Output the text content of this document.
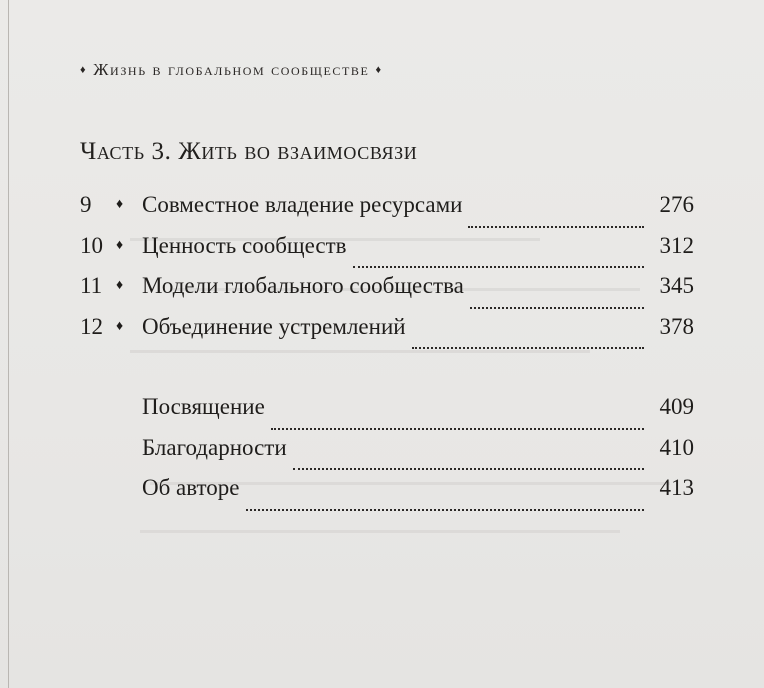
♦ Жизнь в глобальном сообществе ♦
Часть 3. Жить во взаимосвязи
9	♦ Совместное владение ресурсами	276
10 ♦ Ценность сообществ	312
11 ♦ Модели глобального сообщества	345
12 ♦ Объединение устремлений	378
Посвящение	409
Благодарности	410
Об авторе	413
